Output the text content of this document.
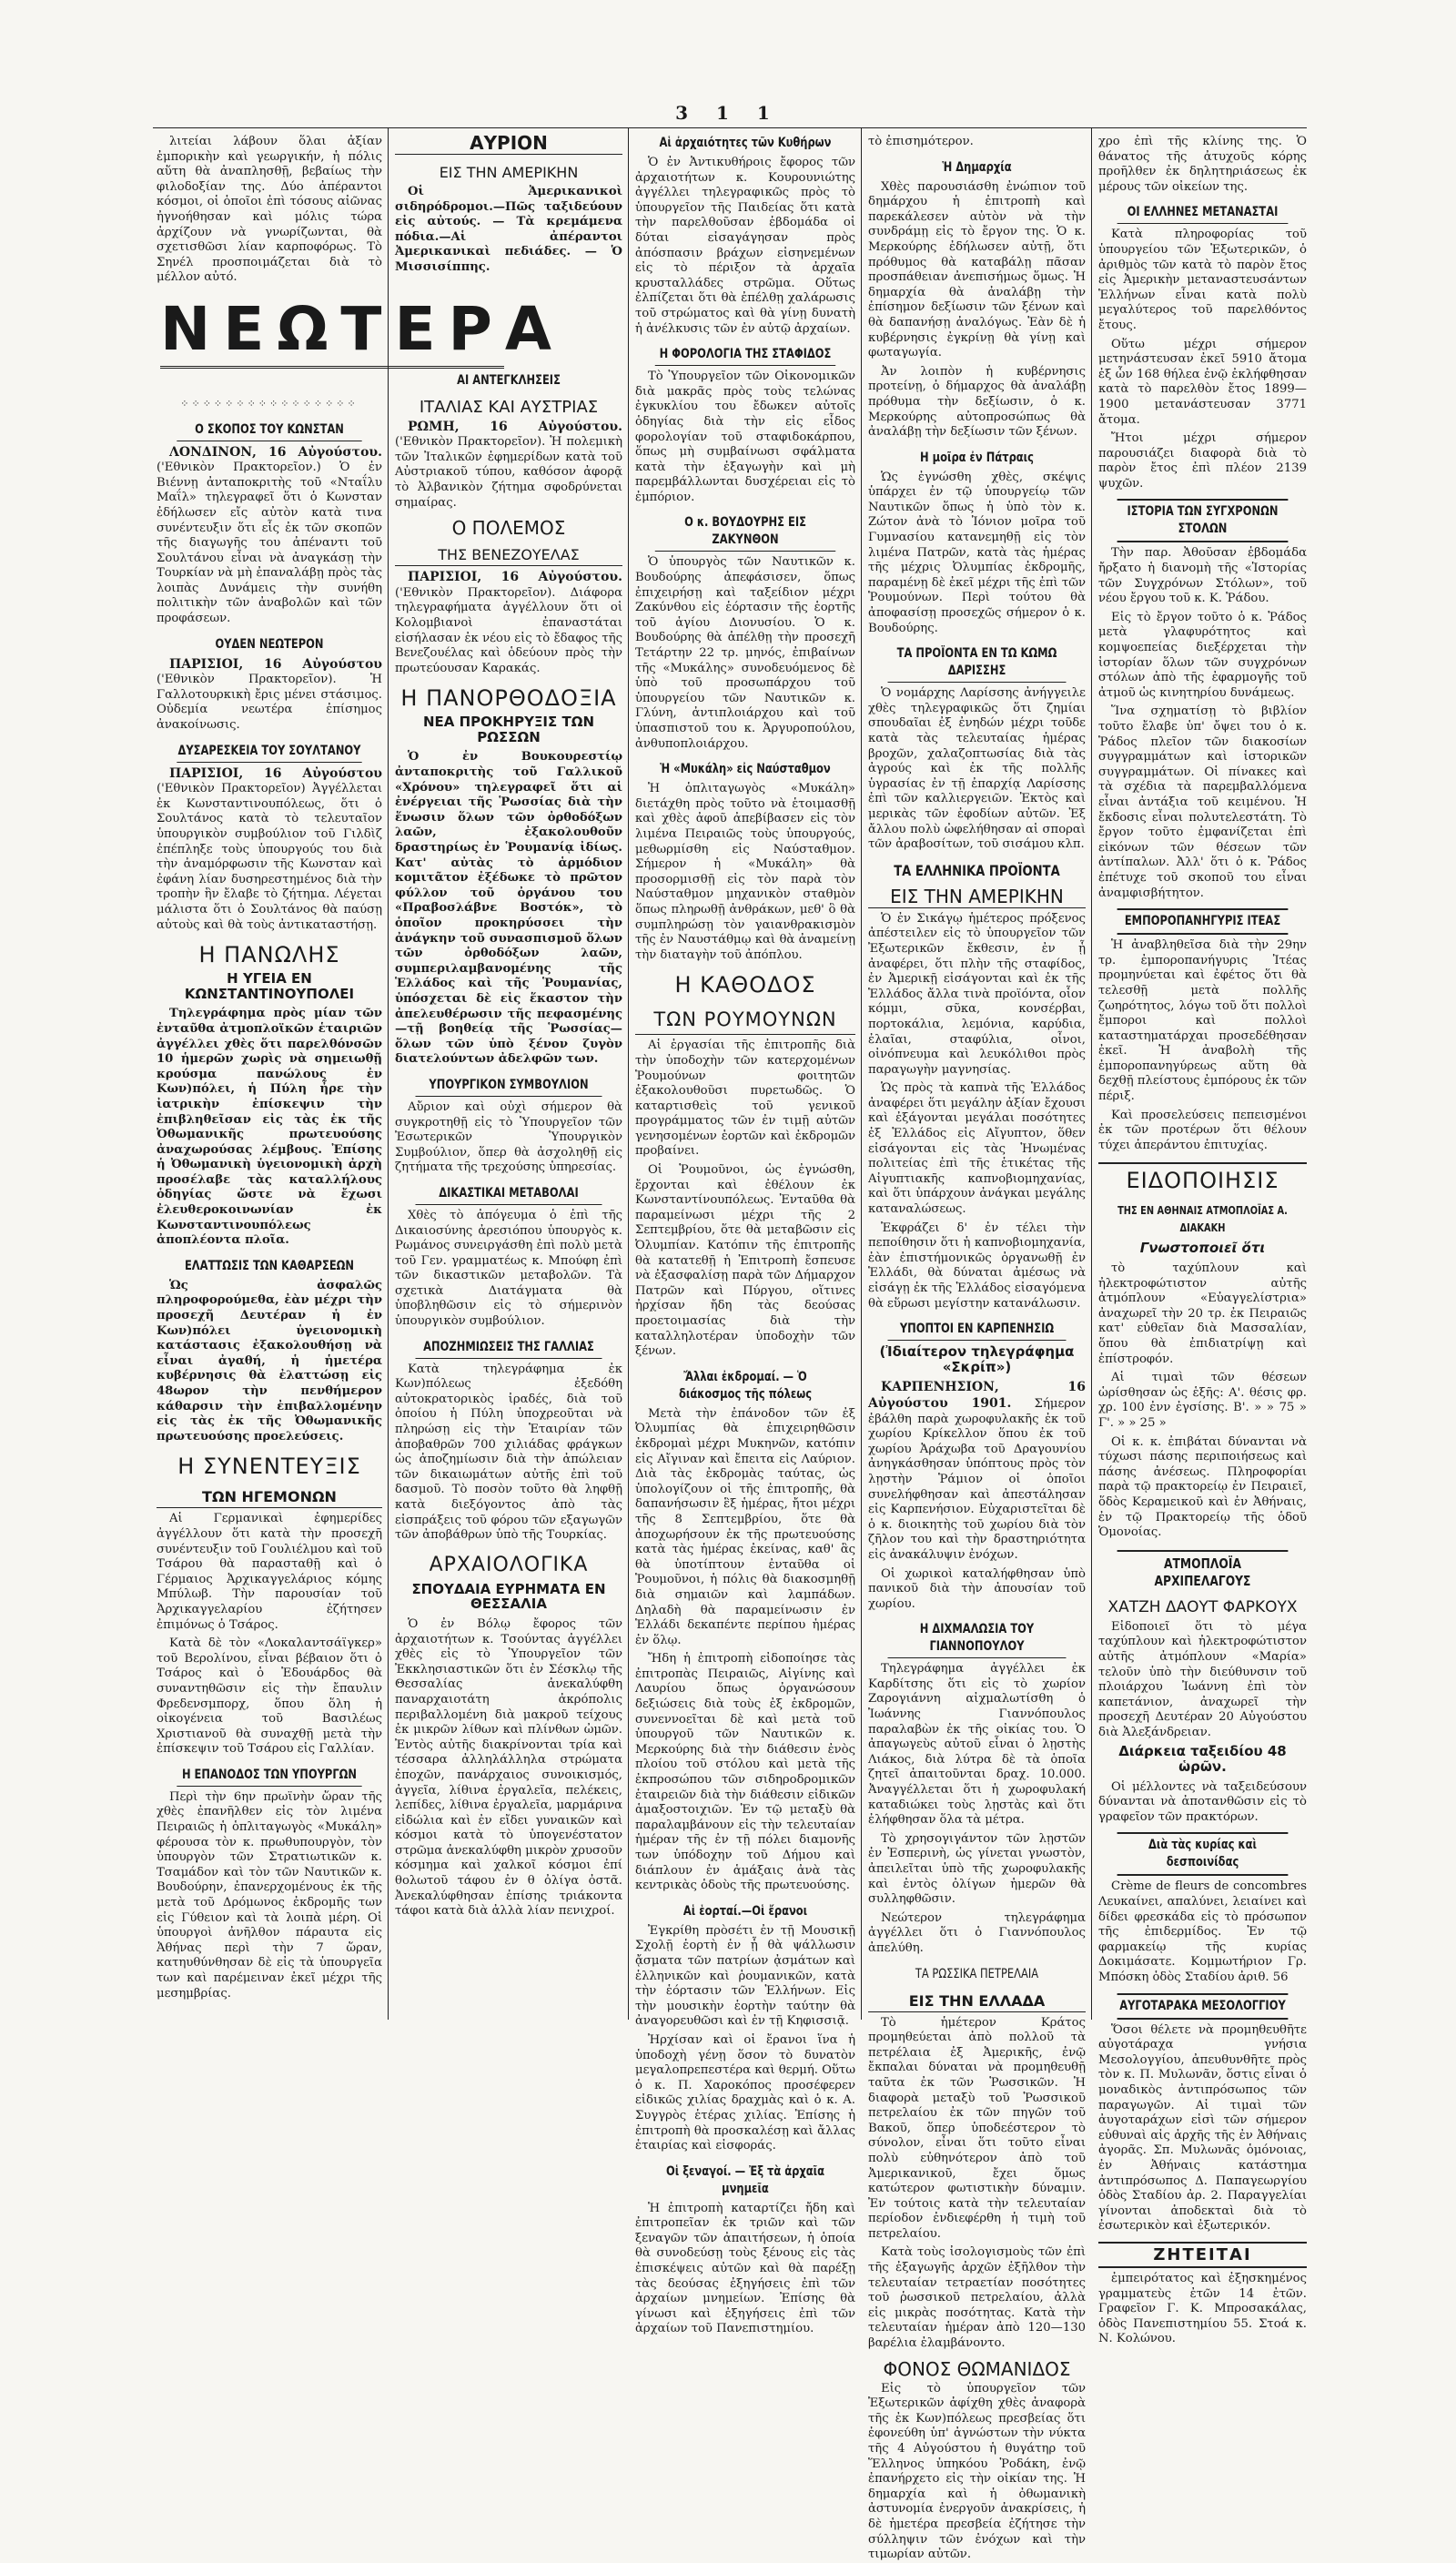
3 1 1

λιτείαι λάβουν ὅλαι ἀξίαν ἐμπορικὴν καὶ γεωργικήν, ἡ πόλις αὕτη θὰ ἀναπλησθῇ, βεβαίως τὴν φιλοδοξίαν της. Δύο ἀπέραντοι κόσμοι, οἱ ὁποῖοι ἐπὶ τόσους αἰῶνας ἠγνοήθησαν καὶ μόλις τώρα ἀρχίζουν νὰ γνωρίζωνται, θὰ σχετισθῶσι λίαν καρποφόρως. Τὸ Σηνέλ προσποιμάζεται διὰ τὸ μέλλον αὐτό.

⁘⁘⁘⁘⁘⁘⁘⁘⁘⁘⁘⁘⁘⁘⁘⁘
Ο ΣΚΟΠΟΣ ΤΟΥ ΚΩΝΣΤΑΝ

ΛΟΝΔΙΝΟΝ, 16 Αὐγούστου. ('Εθνικὸν Πρακτορεῖον.) Ὁ ἐν Βιέννῃ ἀνταποκριτὴς τοῦ «Νταΐλυ Μαΐλ» τηλεγραφεῖ ὅτι ὁ Κωνσταν ἐδήλωσεν εἴς αὐτὸν κατὰ τινα συνέντευξιν ὅτι εἷς ἐκ τῶν σκοπῶν τῆς διαγωγῆς του ἀπέναντι τοῦ Σουλτάνου εἶναι νὰ ἀναγκάσῃ τὴν Τουρκίαν νὰ μὴ ἐπαναλάβῃ πρὸς τὰς λοιπὰς Δυνάμεις τὴν συνήθη πολιτικὴν τῶν ἀναβολῶν καὶ τῶν προφάσεων.

ΟΥΔΕΝ ΝΕΩΤΕΡΟΝ

ΠΑΡΙΣΙΟΙ, 16 Αὐγούστου ('Εθνικὸν Πρακτορεῖον). Ἡ Γαλλοτουρκικὴ ἔρις μένει στάσιμος. Οὐδεμία νεωτέρα ἐπίσημος ἀνακοίνωσις.

ΔΥΣΑΡΕΣΚΕΙΑ ΤΟΥ ΣΟΥΛΤΑΝΟΥ

ΠΑΡΙΣΙΟΙ, 16 Αὐγούστου ('Εθνικὸν Πρακτορεῖον) Ἀγγέλλεται ἐκ Κωνσταντινουπόλεως, ὅτι ὁ Σουλτάνος κατὰ τὸ τελευταῖον ὑπουργικὸν συμβούλιον τοῦ Γιλδὶζ ἐπέπληξε τοὺς ὑπουργούς του διὰ τὴν ἀναμόρφωσιν τῆς Κωνσταν καὶ ἐφάνη λίαν δυσηρεστημένος διὰ τὴν τροπὴν ἣν ἔλαβε τὸ ζήτημα. Λέγεται μάλιστα ὅτι ὁ Σουλτάνος θὰ παύσῃ αὐτοὺς καὶ θὰ τοὺς ἀντικαταστήσῃ.

Η ΠΑΝΩΛΗΣ
Η ΥΓΕΙΑ ΕΝ ΚΩΝΣΤΑΝΤΙΝΟΥΠΟΛΕΙ

Τηλεγράφημα πρὸς μίαν τῶν ἐνταῦθα ἀτμοπλοϊκῶν ἑταιριῶν ἀγγέλλει χθὲς ὅτι παρελθόνσῶν 10 ἡμερῶν χωρὶς νὰ σημειωθῇ κρούσμα πανώλους ἐν Κων)πόλει, ἡ Πύλη ἦρε τὴν ἰατρικὴν ἐπίσκεψιν τὴν ἐπιβληθεῖσαν εἰς τὰς ἐκ τῆς Ὀθωμανικῆς πρωτευούσης ἀναχωρούσας λέμβους. Ἐπίσης ἡ Ὀθωμανικὴ ὑγειονομικὴ ἀρχὴ προσέλαβε τὰς καταλλήλους ὁδηγίας ὥστε νὰ ἔχωσι ἐλευθεροκοινωνίαν ἐκ Κωνσταντινουπόλεως ἀποπλέοντα πλοῖα.

ΕΛΑΤΤΩΣΙΣ ΤΩΝ ΚΑΘΑΡΣΕΩΝ

Ὡς ἀσφαλῶς πληροφορούμεθα, ἐὰν μέχρι τὴν προσεχῆ Δευτέραν ἡ ἐν Κων)πόλει ὑγειονομικὴ κατάστασις ἐξακολουθήσῃ νὰ εἶναι ἀγαθή, ἡ ἡμετέρα κυβέρνησις θὰ ἐλαττώσῃ εἰς 48ωρον τὴν πενθήμερον κάθαρσιν τὴν ἐπιβαλλομένην εἰς τὰς ἐκ τῆς Ὀθωμανικῆς πρωτευούσης προελεύσεις.

Η ΣΥΝΕΝΤΕΥΞΙΣ
ΤΩΝ ΗΓΕΜΟΝΩΝ

Αἱ Γερμανικαὶ ἐφημερίδες ἀγγέλλουν ὅτι κατὰ τὴν προσεχῆ συνέντευξιν τοῦ Γουλιέλμου καὶ τοῦ Τσάρου θὰ παρασταθῇ καὶ ὁ Γέρμαιος Ἀρχικαγγελάριος κόμης Μπύλωβ. Τὴν παρουσίαν τοῦ Ἀρχικαγγελαρίου ἐζήτησεν ἐπιμόνως ὁ Τσάρος.

Κατὰ δὲ τὸν «Λοκαλαντσάϊγκερ» τοῦ Βερολίνου, εἶναι βέβαιον ὅτι ὁ Τσάρος καὶ ὁ Ἐδουάρδος θὰ συναντηθῶσιν εἰς τὴν ἔπαυλιν Φρεδενσμπορχ, ὅπου ὅλη ἡ οἰκογένεια τοῦ Βασιλέως Χριστιανοῦ θὰ συναχθῇ μετὰ τὴν ἐπίσκεψιν τοῦ Τσάρου εἰς Γαλλίαν.

Η ΕΠΑΝΟΔΟΣ ΤΩΝ ΥΠΟΥΡΓΩΝ

Περὶ τὴν 6ην πρωϊνὴν ὥραν τῆς χθὲς ἐπανῆλθεν εἰς τὸν λιμένα Πειραιῶς ἡ ὁπλιταγωγὸς «Μυκάλη» φέρουσα τὸν κ. πρωθυπουργὸν, τὸν ὑπουργὸν τῶν Στρατιωτικῶν κ. Τσαμάδον καὶ τὸν τῶν Ναυτικῶν κ. Βουδούρην, ἐπανερχομένους ἐκ τῆς μετὰ τοῦ Δρόμωνος ἐκδρομῆς των εἰς Γύθειον καὶ τὰ λοιπὰ μέρη. Οἱ ὑπουργοὶ ἀνῆλθον πάραυτα εἰς Ἀθήνας περὶ τὴν 7 ὥραν, κατηυθύνθησαν δὲ εἰς τὰ ὑπουργεῖα των καὶ παρέμειναν ἐκεῖ μέχρι τῆς μεσημβρίας.

ΝΕΩΤΕΡΑ
ΑΥΡΙΟΝ
ΕΙΣ ΤΗΝ ΑΜΕΡΙΚΗΝ

Οἱ Ἀμερικανικοὶ σιδηρόδρομοι.—Πῶς ταξιδεύουν εἰς αὐτούς. — Τὰ κρεμάμενα πόδια.—Αἱ ἀπέραντοι Ἀμερικανικαὶ πεδιάδες. — Ὁ Μισσισίππης.

ΑΙ ΑΝΤΕΓΚΛΗΣΕΙΣ
ΙΤΑΛΙΑΣ ΚΑΙ ΑΥΣΤΡΙΑΣ

ΡΩΜΗ, 16 Αὐγούστου. ('Εθνικὸν Πρακτορεῖον). Ἡ πολεμικὴ τῶν Ἰταλικῶν ἐφημερίδων κατὰ τοῦ Αὐστριακοῦ τύπου, καθόσον ἀφορᾷ τὸ Ἀλβανικὸν ζήτημα σφοδρύνεται σημαίρας.

Ο ΠΟΛΕΜΟΣ
ΤΗΣ ΒΕΝΕΖΟΥΕΛΑΣ

ΠΑΡΙΣΙΟΙ, 16 Αὐγούστου. ('Εθνικὸν Πρακτορεῖον). Διάφορα τηλεγραφήματα ἀγγέλλουν ὅτι οἱ Κολομβιανοὶ ἐπαναστάται εἰσήλασαν ἐκ νέου εἰς τὸ ἔδαφος τῆς Βενεζουέλας καὶ ὁδεύουν πρὸς τὴν πρωτεύουσαν Καρακάς.

Η ΠΑΝΟΡΘΟΔΟΞΙΑ
ΝΕΑ ΠΡΟΚΗΡΥΞΙΣ ΤΩΝ ΡΩΣΣΩΝ

Ὁ ἐν Βουκουρεστίῳ ἀνταποκριτὴς τοῦ Γαλλικοῦ «Χρόνου» τηλεγραφεῖ ὅτι αἱ ἐνέργειαι τῆς Ῥωσσίας διὰ τὴν ἕνωσιν ὅλων τῶν ὀρθοδόξων λαῶν, ἐξακολουθοῦν δραστηρίως ἐν Ῥουμανίᾳ ἰδίως. Κατ' αὐτὰς τὸ ἁρμόδιον κομιτᾶτον ἐξέδωκε τὸ πρῶτον φύλλον τοῦ ὀργάνου του «Πραβοσλάβνε Βοστόκ», τὸ ὁποῖον προκηρύσσει τὴν ἀνάγκην τοῦ συνασπισμοῦ ὅλων τῶν ὀρθοδόξων λαῶν, συμπεριλαμβανομένης τῆς Ἑλλάδος καὶ τῆς Ῥουμανίας, ὑπόσχεται δὲ εἰς ἕκαστον τὴν ἀπελευθέρωσιν τῆς πεφασμένης—τῇ βοηθείᾳ τῆς Ῥωσσίας—ὅλων τῶν ὑπὸ ξένον ζυγὸν διατελούντων ἀδελφῶν των.

ΥΠΟΥΡΓΙΚΟΝ ΣΥΜΒΟΥΛΙΟΝ

Αὔριον καὶ οὐχὶ σήμερον θὰ συγκροτηθῇ εἰς τὸ Ὑπουργεῖον τῶν Ἐσωτερικῶν Ὑπουργικὸν Συμβούλιον, ὅπερ θὰ ἀσχοληθῇ εἰς ζητήματα τῆς τρεχούσης ὑπηρεσίας.

ΔΙΚΑΣΤΙΚΑΙ ΜΕΤΑΒΟΛΑΙ

Χθὲς τὸ ἀπόγευμα ὁ ἐπὶ τῆς Δικαιοσύνης ἀρεσιόπου ὑπουργὸς κ. Ρωμάνος συνειργάσθη ἐπὶ πολὺ μετὰ τοῦ Γεν. γραμματέως κ. Μπούφη ἐπὶ τῶν δικαστικῶν μεταβολῶν. Τὰ σχετικὰ Διατάγματα θὰ ὑποβληθῶσιν εἰς τὸ σήμερινὸν ὑπουργικὸν συμβούλιον.

ΑΠΟΖΗΜΙΩΣΕΙΣ ΤΗΣ ΓΑΛΛΙΑΣ

Κατὰ τηλεγράφημα ἐκ Κων)πόλεως ἐξεδόθη αὐτοκρατορικὸς ἰραδές, διὰ τοῦ ὁποίου ἡ Πύλη ὑποχρεοῦται νὰ πληρώσῃ εἰς τὴν Ἑταιρίαν τῶν ἀποβαθρῶν 700 χιλιάδας φράγκων ὡς ἀποζημίωσιν διὰ τὴν ἀπώλειαν τῶν δικαιωμάτων αὐτῆς ἐπὶ τοῦ δασμοῦ. Τὸ ποσὸν τοῦτο θὰ ληφθῇ κατὰ διεξόγοντος ἀπὸ τὰς εἰσπράξεις τοῦ φόρου τῶν εξαγωγῶν τῶν ἀποβάθρων ὑπὸ τῆς Τουρκίας.

ΑΡΧΑΙΟΛΟΓΙΚΑ
ΣΠΟΥΔΑΙΑ ΕΥΡΗΜΑΤΑ ΕΝ ΘΕΣΣΑΛΙΑ

Ὁ ἐν Βόλῳ ἔφορος τῶν ἀρχαιοτήτων κ. Τσούντας ἀγγέλλει χθὲς εἰς τὸ Ὑπουργεῖον τῶν Ἐκκλησιαστικῶν ὅτι ἐν Σέσκλῳ τῆς Θεσσαλίας ἀνεκαλύφθη παναρχαιοτάτη ἀκρόπολις περιβαλλομένη διὰ μακροῦ τείχους ἐκ μικρῶν λίθων καὶ πλίνθων ὠμῶν. Ἐντὸς αὐτῆς διακρίνονται τρία καὶ τέσσαρα ἀλληλάλληλα στρώματα ἐποχῶν, πανάρχαιος συνοικισμός, ἀγγεῖα, λίθινα ἐργαλεῖα, πελέκεις, λεπίδες, λίθινα ἐργαλεῖα, μαρμάρινα εἰδώλια καὶ ἐν εἴδει γυναικῶν καὶ κόσμοι κατὰ τὸ ὑπογενέστατον στρῶμα ἀνεκαλύφθη μικρὸν χρυσοῦν κόσμημα καὶ χαλκοῖ κόσμοι ἐπί θολωτοῦ τάφου ἐν θ ὀλίγα ὀστᾶ. Ἀνεκαλύφθησαν ἐπίσης τριάκοντα τάφοι κατὰ διὰ ἀλλὰ λίαν πενιχροί.

Αἱ ἀρχαιότητες τῶν Κυθήρων

Ὁ ἐν Ἀντικυθήροις ἔφορος τῶν ἀρχαιοτήτων κ. Κουρουνιώτης ἀγγέλλει τηλεγραφικῶς πρὸς τὸ ὑπουργεῖον τῆς Παιδείας ὅτι κατὰ τὴν παρελθοῦσαν ἑβδομάδα οἱ δύται εἰσαγάγησαν πρὸς ἀπόσπασιν βράχων εἰσηνεμένων εἰς τὸ πέριξον τὰ ἀρχαῖα κρυσταλλάδες στρῶμα. Οὕτως ἐλπίζεται ὅτι θὰ ἐπέλθῃ χαλάρωσις τοῦ στρώματος καὶ θὰ γίνῃ δυνατὴ ἡ ἀνέλκυσις τῶν ἐν αὐτῷ ἀρχαίων.

Η ΦΟΡΟΛΟΓΙΑ ΤΗΣ ΣΤΑΦΙΔΟΣ

Τὸ Ὑπουργεῖον τῶν Οἰκονομικῶν διὰ μακρᾶς πρὸς τοὺς τελώνας ἐγκυκλίου του ἔδωκεν αὐτοῖς ὁδηγίας διὰ τὴν εἰς εἶδος φορολογίαν τοῦ σταφιδοκάρπου, ὅπως μὴ συμβαίνωσι σφάλματα κατὰ τὴν ἐξαγωγὴν καὶ μὴ παρεμβάλλωνται δυσχέρειαι εἰς τὸ ἐμπόριον.

Ο κ. ΒΟΥΔΟΥΡΗΣ ΕΙΣ ΖΑΚΥΝΘΟΝ

Ὁ ὑπουργὸς τῶν Ναυτικῶν κ. Βουδούρης ἀπεφάσισεν, ὅπως ἐπιχειρήσῃ καὶ ταξείδιον μέχρι Ζακύνθου εἰς ἑόρτασιν τῆς ἑορτῆς τοῦ ἁγίου Διονυσίου. Ὁ κ. Βουδούρης θὰ ἀπέλθῃ τὴν προσεχῆ Τετάρτην 22 τρ. μηνός, ἐπιβαίνων τῆς «Μυκάλης» συνοδευόμενος δὲ ὑπὸ τοῦ προσωπάρχου τοῦ ὑπουργείου τῶν Ναυτικῶν κ. Γλύνη, ἀντιπλοιάρχου καὶ τοῦ ὑπασπιστοῦ του κ. Ἀργυροπούλου, ἀνθυποπλοιάρχου.

Ἡ «Μυκάλη» εἰς Ναύσταθμον

Ἡ ὁπλιταγωγὸς «Μυκάλη» διετάχθη πρὸς τοῦτο νὰ ἑτοιμασθῇ καὶ χθὲς ἀφοῦ ἀπεβίβασεν εἰς τὸν λιμένα Πειραιῶς τοὺς ὑπουργούς, μεθωρμίσθη εἰς Ναύσταθμον. Σήμερον ἡ «Μυκάλη» θὰ προσορμισθῇ εἰς τὸν παρὰ τὸν Ναύσταθμον μηχανικὸν σταθμὸν ὅπως πληρωθῇ ἀνθράκων, μεθ' ὃ θὰ συμπληρώσῃ τὸν γαιανθρακισμὸν τῆς ἐν Ναυστάθμῳ καὶ θὰ ἀναμείνῃ τὴν διαταγὴν τοῦ ἀπόπλου.

Η ΚΑΘΟΔΟΣ
ΤΩΝ ΡΟΥΜΟΥΝΩΝ

Αἱ ἐργασίαι τῆς ἐπιτροπῆς διὰ τὴν ὑποδοχὴν τῶν κατερχομένων Ῥουμούνων φοιτητῶν ἐξακολουθοῦσι πυρετωδῶς. Ὁ καταρτισθεὶς τοῦ γενικοῦ προγράμματος τῶν ἐν τιμῇ αὐτῶν γενησομένων ἑορτῶν καὶ ἐκδρομῶν προβαίνει.

Οἱ Ῥουμοῦνοι, ὡς ἐγνώσθη, ἔρχονται καὶ ἐθέλουν ἐκ Κωνσταντίνουπόλεως. Ἐνταῦθα θὰ παραμείνωσι μέχρι τῆς 2 Σεπτεμβρίου, ὅτε θὰ μεταβῶσιν εἰς Ὀλυμπίαν. Κατόπιν τῆς ἐπιτροπῆς θὰ κατατεθῇ ἡ Ἐπιτροπὴ ἔσπευσε νὰ ἐξασφαλίσῃ παρὰ τῶν Δήμαρχον Πατρῶν καὶ Πύργου, οἵτινες ἠρχίσαν ἤδη τὰς δεούσας προετοιμασίας διὰ τὴν καταλληλοτέραν ὑποδοχὴν τῶν ξένων.

Ἄλλαι ἐκδρομαί. — Ὁ διάκοσμος τῆς πόλεως

Μετὰ τὴν ἐπάνοδον τῶν ἐξ Ὀλυμπίας θὰ ἐπιχειρηθῶσιν ἐκδρομαὶ μέχρι Μυκηνῶν, κατόπιν εἰς Αἴγιναν καὶ ἔπειτα εἰς Λαύριον. Διὰ τὰς ἐκδρομὰς ταύτας, ὡς ὑπολογίζουν οἱ τῆς ἐπιτροπῆς, θὰ δαπανήσωσιν ἓξ ἡμέρας, ἤτοι μέχρι τῆς 8 Σεπτεμβρίου, ὅτε θὰ ἀποχωρήσουν ἐκ τῆς πρωτευούσης κατὰ τὰς ἡμέρας ἐκείνας, καθ' ἃς θὰ ὑποτίπτουν ἐνταῦθα οἱ Ῥουμοῦνοι, ἡ πόλις θὰ διακοσμηθῇ διὰ σημαιῶν καὶ λαμπάδων. Δηλαδὴ θὰ παραμείνωσιν ἐν Ἑλλάδι δεκαπέντε περίπου ἡμέρας ἐν ὅλῳ.

Ἤδη ἡ ἐπιτροπὴ εἰδοποίησε τὰς ἐπιτροπὰς Πειραιῶς, Αἰγίνης καὶ Λαυρίου ὅπως ὀργανώσουν δεξιώσεις διὰ τοὺς ἐξ ἐκδρομῶν, συνεννοεῖται δὲ καὶ μετὰ τοῦ ὑπουργοῦ τῶν Ναυτικῶν κ. Μερκούρης διὰ τὴν διάθεσιν ἐνὸς πλοίου τοῦ στόλου καὶ μετὰ τῆς ἐκπροσώπου τῶν σιδηροδρομικῶν ἑταιρειῶν διὰ τὴν διάθεσιν εἰδικῶν ἁμαξοστοιχιῶν. Ἐν τῷ μεταξὺ θὰ παραλαμβάνουν εἰς τὴν τελευταίαν ἡμέραν τῆς ἐν τῇ πόλει διαμονῆς των ὑπόδοχην τοῦ Δήμου καὶ διάπλουν ἐν ἁμάξαις ἀνὰ τὰς κεντρικὰς ὁδοὺς τῆς πρωτευούσης.

Αἱ ἑορταί.—Οἱ ἔρανοι

Ἐγκρίθη πρὸσέτι ἐν τῇ Μουσικῇ Σχολῇ ἑορτὴ ἐν ᾗ θὰ ψάλλωσιν ᾄσματα τῶν πατρίων ᾀσμάτων καὶ ἑλληνικῶν καὶ ῥουμανικῶν, κατὰ τὴν ἑόρτασιν τῶν Ἑλλήνων. Εἰς τὴν μουσικὴν ἑορτὴν ταύτην θὰ ἀναγορευθῶσι καὶ ἐν τῇ Κηφισσιᾷ.

Ἠρχίσαν καὶ οἱ ἔρανοι ἵνα ἡ ὑποδοχὴ γένῃ ὅσον τὸ δυνατὸν μεγαλοπρεπεστέρα καὶ θερμή. Οὕτω ὁ κ. Π. Χαροκόπος προσέφερεν εἰδικῶς χιλίας δραχμὰς καὶ ὁ κ. Α. Συγγρὸς ἑτέρας χιλίας. Ἐπίσης ἡ ἐπιτροπὴ θὰ προσκαλέσῃ καὶ ἄλλας ἑταιρίας καὶ εἰσφοράς.

Οἱ ξεναγοί. — Ἐξ τὰ ἀρχαῖα μνημεῖα

Ἡ ἐπιτροπὴ καταρτίζει ἤδη καὶ ἐπιτροπεῖαν ἐκ τριῶν καὶ τῶν ξεναγῶν τῶν ἀπαιτήσεων, ἡ ὁποία θὰ συνοδεύσῃ τοὺς ξένους εἰς τὰς ἐπισκέψεις αὐτῶν καὶ θὰ παρέξῃ τὰς δεούσας ἐξηγήσεις ἐπὶ τῶν ἀρχαίων μνημείων. Ἐπίσης θὰ γίνωσι καὶ ἐξηγήσεις ἐπὶ τῶν ἀρχαίων τοῦ Πανεπιστημίου.

τὸ ἐπισημότερον.

Ἡ Δημαρχία

Χθὲς παρουσιάσθη ἐνώπιον τοῦ δημάρχου ἡ ἐπιτροπὴ καὶ παρεκάλεσεν αὐτὸν νὰ τὴν συνδράμῃ εἰς τὸ ἔργον της. Ὁ κ. Μερκούρης ἐδήλωσεν αὐτῇ, ὅτι πρόθυμος θὰ καταβάλῃ πᾶσαν προσπάθειαν ἀνεπισήμως ὅμως. Ἡ δημαρχία θὰ ἀναλάβῃ τὴν ἐπίσημον δεξίωσιν τῶν ξένων καὶ θὰ δαπανήσῃ ἀναλόγως. Ἐὰν δὲ ἡ κυβέρνησις ἐγκρίνῃ θὰ γίνῃ καὶ φωταγωγία.

Ἀν λοιπὸν ἡ κυβέρνησις προτείνῃ, ὁ δήμαρχος θὰ ἀναλάβῃ πρόθυμα τὴν δεξίωσιν, ὁ κ. Μερκούρης αὐτοπροσώπως θὰ ἀναλάβῃ τὴν δεξίωσιν τῶν ξένων.

Η μοῖρα ἐν Πάτραις

Ὡς ἐγνώσθη χθὲς, σκέψις ὑπάρχει ἐν τῷ ὑπουργείῳ τῶν Ναυτικῶν ὅπως ἡ ὑπὸ τὸν κ. Ζώτον ἀνὰ τὸ Ἰόνιον μοῖρα τοῦ Γυμνασίου κατανεμηθῇ εἰς τὸν λιμένα Πατρῶν, κατὰ τὰς ἡμέρας τῆς μέχρις Ὀλυμπίας ἐκδρομῆς, παραμένῃ δὲ ἐκεῖ μέχρι τῆς ἐπὶ τῶν Ῥουμούνων. Περὶ τούτου θὰ ἀποφασίσῃ προσεχῶς σήμερον ὁ κ. Βουδούρης.

ΤΑ ΠΡΟΪΟΝΤΑ ΕΝ ΤΩ ΚΩΜΩ ΔΑΡΙΣΣΗΣ

Ὁ νομάρχης Λαρίσσης ἀνήγγειλε χθὲς τηλεγραφικῶς ὅτι ζημίαι σπουδαῖαι ἐξ ἐνηδών μέχρι τοῦδε κατὰ τὰς τελευταίας ἡμέρας βροχῶν, χαλαζοπτωσίας διὰ τὰς ἀγρούς καὶ ἐκ τῆς πολλῆς ὑγρασίας ἐν τῇ ἐπαρχίᾳ Λαρίσσης ἐπὶ τῶν καλλιεργειῶν. Ἐκτὸς καὶ μερικὰς τῶν ἐφοδίων αὐτῶν. Ἐξ ἄλλου πολὺ ὠφελήθησαν αἱ σποραὶ τῶν ἀραβοσίτων, τοῦ σισάμου κλπ.

ΤΑ ΕΛΛΗΝΙΚΑ ΠΡΟΪΟΝΤΑ
ΕΙΣ ΤΗΝ ΑΜΕΡΙΚΗΝ

Ὁ ἐν Σικάγῳ ἡμέτερος πρόξενος ἀπέστειλεν εἰς τὸ ὑπουργεῖον τῶν Ἐξωτερικῶν ἔκθεσιν, ἐν ᾗ ἀναφέρει, ὅτι πλὴν τῆς σταφίδος, ἐν Ἀμερικῇ εἰσάγονται καὶ ἐκ τῆς Ἑλλάδος ἄλλα τινὰ προϊόντα, οἷον κόμμι, σῦκα, κονσέρβαι, πορτοκάλια, λεμόνια, καρύδια, ἐλαῖαι, σταφύλια, οἶνοι, οἰνόπνευμα καὶ λευκόλιθοι πρὸς παραγωγὴν μαγνησίας.

Ὡς πρὸς τὰ καπνὰ τῆς Ἑλλάδος ἀναφέρει ὅτι μεγάλην ἀξίαν ἔχουσι καὶ ἐξάγονται μεγάλαι ποσότητες ἐξ Ἑλλάδος εἰς Αἴγυπτον, ὅθεν εἰσάγονται εἰς τὰς Ἡνωμένας πολιτείας ἐπὶ τῆς ἑτικέτας τῆς Αἰγυπτιακῆς καπνοβιομηχανίας, καὶ ὅτι ὑπάρχουν ἀνάγκαι μεγάλης καταναλώσεως.

Ἐκφράζει δ' ἐν τέλει τὴν πεποίθησιν ὅτι ἡ καπνοβιομηχανία, ἐὰν ἐπιστήμονικῶς ὀργανωθῇ ἐν Ἑλλάδι, θὰ δύναται ἀμέσως νὰ εἰσάγῃ ἐκ τῆς Ἑλλάδος εἰσαγόμενα θὰ εὕρωσι μεγίστην κατανάλωσιν.

ΥΠΟΠΤΟΙ ΕΝ ΚΑΡΠΕΝΗΣΙΩ
(Ἰδιαίτερον τηλεγράφημα «Σκρίπ»)

ΚΑΡΠΕΝΗΣΙΟΝ, 16 Αὐγούστου 1901. Σήμερον ἐβάλθη παρὰ χωροφυλακῆς ἐκ τοῦ χωρίου Κρίκελλον ὅπου ἐκ τοῦ χωρίου Ἀράχωβα τοῦ Δραγουνίου ἀνηγκάσθησαν ὑπόπτους πρὸς τὸν λῃστὴν Ῥάμιον οἱ ὁποῖοι συνελήφθησαν καὶ ἀπεστάλησαν εἰς Καρπενήσιον. Εὐχαριστεῖται δὲ ὁ κ. διοικητὴς τοῦ χωρίου διὰ τὸν ζῆλον του καὶ τὴν δραστηριότητα εἰς ἀνακάλυψιν ἐνόχων.

Οἱ χωρικοὶ καταλήφθησαν ὑπὸ πανικοῦ διὰ τὴν ἀπουσίαν τοῦ χωρίου.

Η ΔΙΧΜΑΛΩΣΙΑ ΤΟΥ ΓΙΑΝΝΟΠΟΥΛΟΥ

Τηλεγράφημα ἀγγέλλει ἐκ Καρδίτσης ὅτι εἰς τὸ χωρίον Ζαρογιάννη αἰχμαλωτίσθη ὁ Ἰωάννης Γιαννόπουλος παραλαβὼν ἐκ τῆς οἰκίας του. Ὁ ἀπαγωγεὺς αὐτοῦ εἶναι ὁ λῃστὴς Λιάκος, διὰ λύτρα δὲ τὰ ὁποῖα ζητεῖ ἀπαιτοῦνται δραχ. 10.000. Ἀναγγέλλεται ὅτι ἡ χωροφυλακή καταδιώκει τοὺς λῃστὰς καὶ ὅτι ἐλήφθησαν ὅλα τὰ μέτρα.

Τὸ χρησογιγάντον τῶν λῃστῶν ἐν Ἐσπερινὴ, ὡς γίνεται γνωστὸν, ἀπειλεῖται ὑπὸ τῆς χωροφυλακῆς καὶ ἐντὸς ὀλίγων ἡμερῶν θὰ συλληφθῶσιν.

Νεώτερον τηλεγράφημα ἀγγέλλει ὅτι ὁ Γιαννόπουλος ἀπελύθη.

ΤΑ ΡΩΣΣΙΚΑ ΠΕΤΡΕΛΑΙΑ
ΕΙΣ ΤΗΝ ΕΛΛΑΔΑ

Τὸ ἡμέτερον Κράτος προμηθεύεται ἀπὸ πολλοῦ τὰ πετρέλαια ἐξ Ἀμερικῆς, ἐνῷ ἔκπαλαι δύναται νὰ προμηθευθῇ ταῦτα ἐκ τῶν Ῥωσσικῶν. Ἡ διαφορὰ μεταξὺ τοῦ Ῥωσσικοῦ πετρελαίου ἐκ τῶν πηγῶν τοῦ Βακοῦ, ὅπερ ὑποδεέστερον τὸ σύνολον, εἶναι ὅτι τοῦτο εἶναι πολὺ εὐθηνότερον ἀπὸ τοῦ Ἀμερικανικοῦ, ἔχει ὅμως κατώτερον φωτιστικὴν δύναμιν. Ἐν τούτοις κατὰ τὴν τελευταίαν περίοδον ἐνδιεφέρθη ἡ τιμὴ τοῦ πετρελαίου.

Κατὰ τοὺς ἰσολογισμοὺς τῶν ἐπὶ τῆς ἐξαγωγῆς ἀρχῶν ἐξῆλθον τὴν τελευταίαν τετραετίαν ποσότητες τοῦ ῥωσσικοῦ πετρελαίου, ἀλλὰ εἰς μικρὰς ποσότητας. Κατὰ τὴν τελευταίαν ἡμέραν ἀπὸ 120—130 βαρέλια ἐλαμβάνοντο.

ΦΟΝΟΣ ΘΩΜΑΝΙΔΟΣ

Εἰς τὸ ὑπουργεῖον τῶν Ἐξωτερικῶν ἀφίχθη χθὲς ἀναφορὰ τῆς ἐκ Κων)πόλεως πρεσβείας ὅτι ἐφονεύθη ὑπ' ἀγνώστων τὴν νύκτα τῆς 4 Αὐγούστου ἡ θυγάτηρ τοῦ Ἕλληνος ὑπηκόου Ῥοδάκη, ἐνῷ ἐπανήρχετο εἰς τὴν οἰκίαν της. Ἡ δημαρχία καὶ ἡ ὀθωμανικὴ ἀστυνομία ἐνεργοῦν ἀνακρίσεις, ἡ δὲ ἡμετέρα πρεσβεία ἐζήτησε τὴν σύλληψιν τῶν ἐνόχων καὶ τὴν τιμωρίαν αὐτῶν.

χρο ἐπὶ τῆς κλίνης της. Ὁ θάνατος τῆς ἀτυχοῦς κόρης προῆλθεν ἐκ δηλητηριάσεως ἐκ μέρους τῶν οἰκείων της.

ΟΙ ΕΛΛΗΝΕΣ ΜΕΤΑΝΑΣΤΑΙ

Κατὰ πληροφορίας τοῦ ὑπουργείου τῶν Ἐξωτερικῶν, ὁ ἀριθμὸς τῶν κατὰ τὸ παρὸν ἔτος εἰς Ἀμερικὴν μεταναστευσάντων Ἑλλήνων εἶναι κατὰ πολὺ μεγαλύτερος τοῦ παρελθόντος ἔτους.

Οὕτω μέχρι σήμερον μετηνάστευσαν ἐκεῖ 5910 ἄτομα ἐξ ὧν 168 θήλεα ἐνῷ ἐκλήφθησαν κατὰ τὸ παρελθὸν ἔτος 1899—1900 μετανάστευσαν 3771 ἄτομα.

Ἤτοι μέχρι σήμερον παρουσιάζει διαφορὰ διὰ τὸ παρὸν ἔτος ἐπὶ πλέον 2139 ψυχῶν.

ΙΣΤΟΡΙΑ ΤΩΝ ΣΥΓΧΡΟΝΩΝ ΣΤΟΛΩΝ

Τὴν παρ. Ἀθοῦσαν ἑβδομάδα ἤρξατο ἡ διανομὴ τῆς «Ἱστορίας τῶν Συγχρόνων Στόλων», τοῦ νέου ἔργου τοῦ κ. Κ. Ῥάδου.

Εἰς τὸ ἔργον τοῦτο ὁ κ. Ῥάδος μετὰ γλαφυρότητος καὶ κομψοεπείας διεξέρχεται τὴν ἱστορίαν ὅλων τῶν συγχρόνων στόλων ἀπὸ τῆς ἐφαρμογῆς τοῦ ἀτμοῦ ὡς κινητηρίου δυνάμεως.

Ἵνα σχηματίσῃ τὸ βιβλίον τοῦτο ἔλαβε ὑπ' ὄψει του ὁ κ. Ῥάδος πλεῖον τῶν διακοσίων συγγραμμάτων καὶ ἱστορικῶν συγγραμμάτων. Οἱ πίνακες καὶ τὰ σχέδια τὰ παρεμβαλλόμενα εἶναι ἀντάξια τοῦ κειμένου. Ἡ ἔκδοσις εἶναι πολυτελεστάτη. Τὸ ἔργον τοῦτο ἐμφανίζεται ἐπὶ εἰκόνων τῶν θέσεων τῶν ἀντίπαλων. Ἀλλ' ὅτι ὁ κ. Ῥάδος ἐπέτυχε τοῦ σκοποῦ του εἶναι ἀναμφισβήτητον.

ΕΜΠΟΡΟΠΑΝΗΓΥΡΙΣ ΙΤΕΑΣ

Ἡ ἀναβληθεῖσα διὰ τὴν 29ην τρ. ἐμποροπανήγυρις Ἰτέας προμηνύεται καὶ ἐφέτος ὅτι θὰ τελεσθῇ μετὰ πολλῆς ζωηρότητος, λόγω τοῦ ὅτι πολλοὶ ἔμποροι καὶ πολλοὶ καταστηματάρχαι προσεδέθησαν ἐκεῖ. Ἡ ἀναβολὴ τῆς ἐμποροπανηγύρεως αὕτη θὰ δεχθῇ πλείστους ἐμπόρους ἐκ τῶν πέριξ.

Καὶ προσελεύσεις πεπεισμένοι ἐκ τῶν προτέρων ὅτι θέλουν τύχει ἀπεράντου ἐπιτυχίας.

ΕΙΔΟΠΟΙΗΣΙΣ
ΤΗΣ ΕΝ ΑΘΗΝΑΙΣ ΑΤΜΟΠΛΟΪΑΣ Α. ΔΙΑΚΑΚΗ
Γνωστοποιεῖ ὅτι

τὸ ταχύπλουν καὶ ἠλεκτροφώτιστον αὐτῆς ἀτμόπλουν «Εὐαγγελίστρια» ἀναχωρεῖ τὴν 20 τρ. ἐκ Πειραιῶς κατ' εὐθεῖαν διὰ Μασσαλίαν, ὅπου θὰ ἐπιδιατρίψῃ καὶ ἐπίστροφόν.

Αἱ τιμαὶ τῶν θέσεων ὡρίσθησαν ὡς ἑξῆς: Α'. θέσις φρ. χρ. 100 ἐνν ἐγσίσης. Β'. » » 75 » Γ'. » » 25 »

Οἱ κ. κ. ἐπιβάται δύνανται νὰ τύχωσι πάσης περιποιήσεως καὶ πάσης ἀνέσεως. Πληροφορίαι παρὰ τῷ πρακτορείῳ ἐν Πειραιεῖ, ὅδὸς Κεραμεικοῦ καὶ ἐν Ἀθήναις, ἐν τῷ Πρακτορείῳ τῆς ὁδοῦ Ὁμονοίας.

ΑΤΜΟΠΛΟΪΑ ΑΡΧΙΠΕΛΑΓΟΥΣ
ΧΑΤΖΗ ΔΑΟΥΤ ΦΑΡΚΟΥΧ

Εἰδοποιεῖ ὅτι τὸ μέγα ταχύπλουν καὶ ἠλεκτροφώτιστον αὐτῆς ἀτμόπλουν «Μαρία» τελοῦν ὑπὸ τὴν διεύθυνσιν τοῦ πλοιάρχου Ἰωάννη ἐπὶ τὸν καπετάνιον, ἀναχωρεῖ τὴν προσεχῆ Δευτέραν 20 Αὐγούστου διὰ Ἀλεξάνδρειαν.

Διάρκεια ταξειδίου 48 ὡρῶν.

Οἱ μέλλοντες νὰ ταξειδεύσουν δύνανται νὰ ἀποτανθῶσιν εἰς τὸ γραφεῖον τῶν πρακτόρων.

Διὰ τὰς κυρίας καὶ δεσποινίδας

Crème de fleurs de concombres Λευκαίνει, απαλύνει, λειαίνει καὶ δίδει φρεσκάδα εἰς τὸ πρόσωπον τῆς ἐπιδερμίδος. Ἐν τῷ φαρμακείῳ τῆς κυρίας Δοκιμάσατε. Κομμωτήριον Γρ. Μπόσκη ὁδὸς Σταδίου ἀριθ. 56

ΑΥΓΟΤΑΡΑΚΑ ΜΕΣΟΛΟΓΓΙΟΥ

Ὅσοι θέλετε νὰ προμηθευθῆτε αὐγοτάραχα γνήσια Μεσολογγίου, ἀπευθυνθῆτε πρὸς τὸν κ. Π. Μυλωνᾶν, ὅστις εἶναι ὁ μοναδικὸς ἀντιπρόσωπος τῶν παραγωγῶν. Αἱ τιμαὶ τῶν ἀυγοταράχων εἰσὶ τῶν σήμερον εὐθυναὶ αἰς ἀρχῆς τῆς ἐν Ἀθήναις ἀγορᾶς. Σπ. Μυλωνᾶς ὁμόνοιας, ἐν Ἀθήναις κατάστημα ἀντιπρόσωπος Δ. Παπαγεωργίου ὁδὸς Σταδίου ἀρ. 2. Παραγγελίαι γίνονται ἀποδεκταὶ διὰ τὸ ἐσωτερικὸν καὶ ἐξωτερικόν.

ΖΗΤΕΙΤΑΙ

ἐμπειρότατος καὶ ἐξησκημένος γραμματεὺς ἐτῶν 14 ἐτῶν. Γραφεῖον Γ. Κ. Μπροσακάλας, ὁδὸς Πανεπιστημίου 55. Στοά κ. Ν. Κολώνου.
